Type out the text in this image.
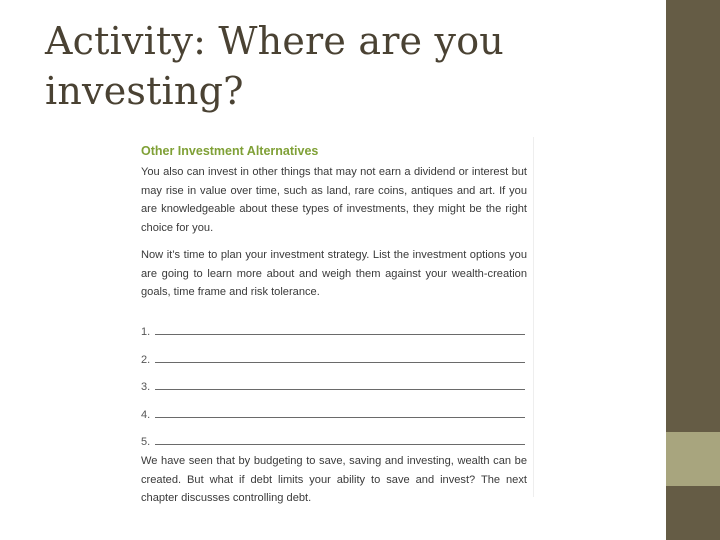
Activity: Where are you investing?
Other Investment Alternatives

You also can invest in other things that may not earn a dividend or interest but may rise in value over time, such as land, rare coins, antiques and art. If you are knowledgeable about these types of investments, they might be the right choice for you.

Now it’s time to plan your investment strategy. List the investment options you are going to learn more about and weigh them against your wealth-creation goals, time frame and risk tolerance.

1.
2.
3.
4.
5.

We have seen that by budgeting to save, saving and investing, wealth can be created. But what if debt limits your ability to save and invest? The next chapter discusses controlling debt.
